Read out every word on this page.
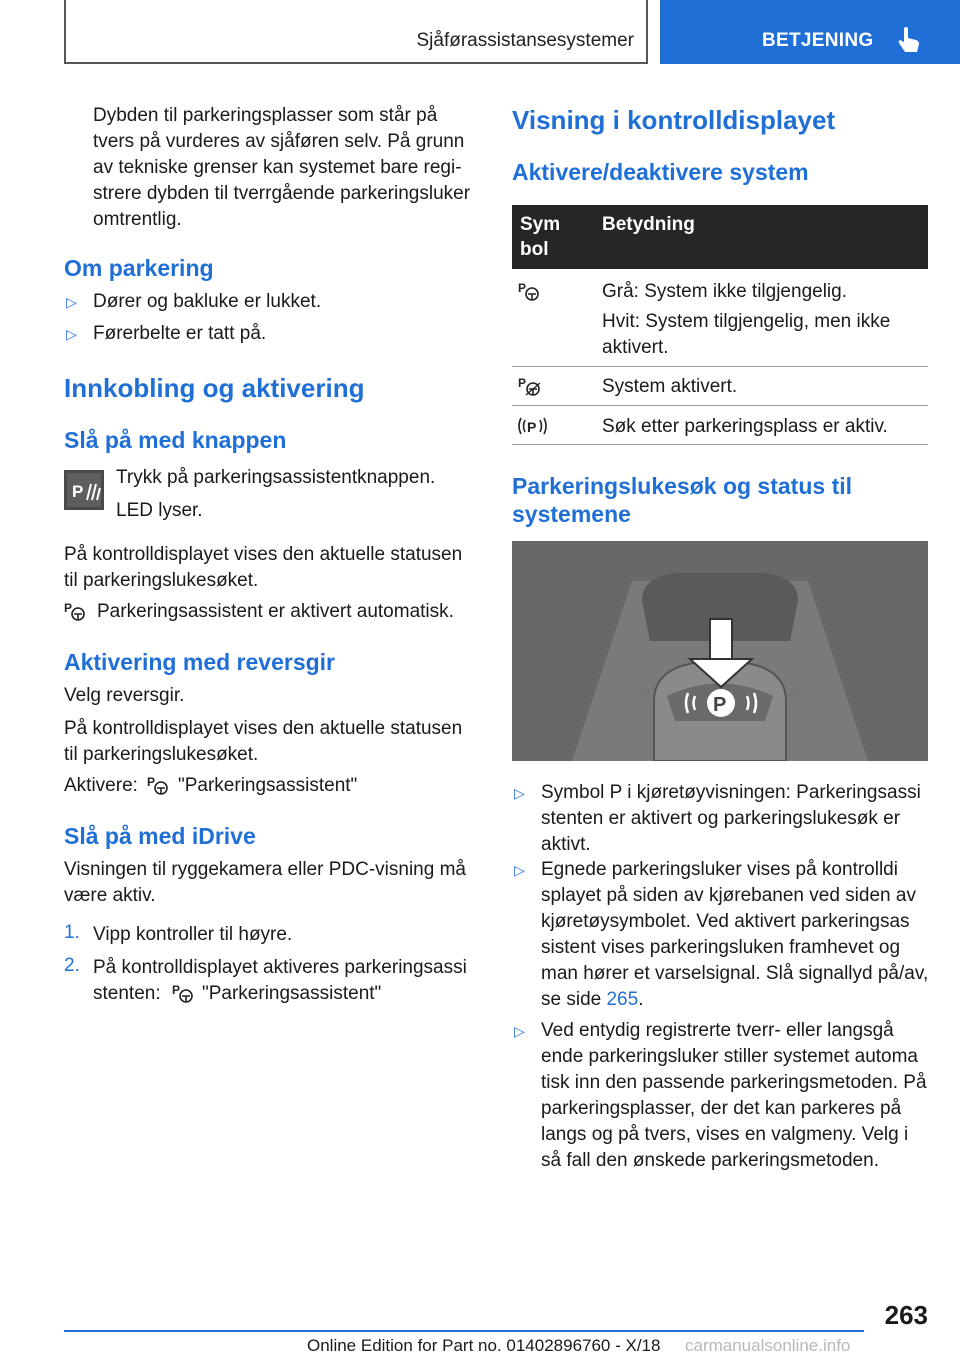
Sjåførassistansesystemer	BETJENING
Dybden til parkeringsplasser som står på tvers på vurderes av sjåføren selv. På grunn av tekniske grenser kan systemet bare registrere dybden til tverrgående parkeringsluker omtrentlig.
Om parkering
▷ Dører og bakluke er lukket.
▷ Førerbelte er tatt på.
Innkobling og aktivering
Slå på med knappen
P
Trykk på parkeringsassistentknappen.
LED lyser.
På kontrolldisplayet vises den aktuelle statusen til parkeringslukesøket.
P Parkeringsassistent er aktivert automatisk.
Aktivering med reversgir
Velg reversgir.
På kontrolldisplayet vises den aktuelle statusen til parkeringslukesøket.
Aktivere: P "Parkeringsassistent"
Slå på med iDrive
Visningen til ryggekamera eller PDC-visning må være aktiv.
1. Vipp kontroller til høyre.
2. På kontrolldisplayet aktiveres parkeringsassi
stenten: P "Parkeringsassistent"
Visning i kontrolldisplayet
Aktivere/deaktivere system
Sym
bol
Betydning
P	Grå: System ikke tilgjengelig.
Hvit: System tilgjengelig, men ikke
aktivert.
P	System aktivert.
P	Søk etter parkeringsplass er aktiv.
Parkeringslukesøk og status til
systemene
P
▷ Symbol P i kjøretøyvisningen: Parkeringsassi
stenten er aktivert og parkeringslukesøk er
aktivt.
▷ Egnede parkeringsluker vises på kontrolldi
splayet på siden av kjørebanen ved siden av
kjøretøysymbolet. Ved aktivert parkeringsas
sistent vises parkeringsluken framhevet og
man hører et varselsignal. Slå signallyd på/av,
se side 265.
▷ Ved entydig registrerte tverr- eller langsgå
ende parkeringsluker stiller systemet automa
tisk inn den passende parkeringsmetoden. På
parkeringsplasser, der det kan parkeres på
langs og på tvers, vises en valgmeny. Velg i
så fall den ønskede parkeringsmetoden.
263
Online Edition for Part no. 01402896760 - X/18 carmanualsonline.info
